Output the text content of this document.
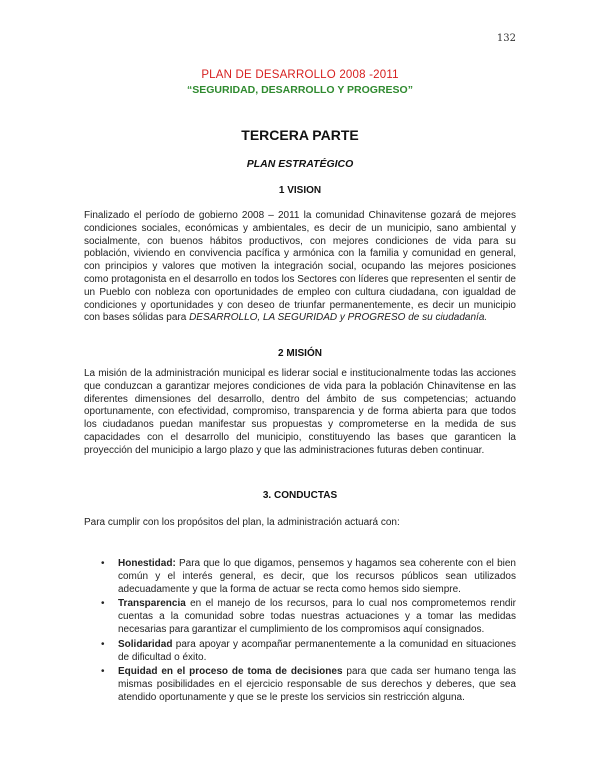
132
PLAN DE DESARROLLO 2008 -2011
“SEGURIDAD, DESARROLLO Y PROGRESO”
TERCERA PARTE
PLAN ESTRATÉGICO
1 VISION

Finalizado el período de gobierno 2008 – 2011 la comunidad Chinavitense gozará de mejores condiciones sociales, económicas y ambientales, es decir de un municipio, sano ambiental y socialmente, con buenos hábitos productivos, con mejores condiciones de vida para su población, viviendo en convivencia pacífica y armónica con la familia y comunidad en general, con principios y valores que motiven la integración social, ocupando las mejores posiciones como protagonista en el desarrollo en todos los Sectores con líderes que representen el sentir de un Pueblo con nobleza con oportunidades de empleo con cultura ciudadana, con igualdad de condiciones y oportunidades y con deseo de triunfar permanentemente, es decir un municipio con bases sólidas para DESARROLLO, LA SEGURIDAD y PROGRESO de su ciudadanía.

2 MISIÓN

La misión de la administración municipal es liderar social e institucionalmente todas las acciones que conduzcan a garantizar mejores condiciones de vida para la población Chinavitense en las diferentes dimensiones del desarrollo, dentro del ámbito de sus competencias; actuando oportunamente, con efectividad, compromiso, transparencia y de forma abierta para que todos los ciudadanos puedan manifestar sus propuestas y comprometerse en la medida de sus capacidades con el desarrollo del municipio, constituyendo las bases que garanticen la proyección del municipio a largo plazo y que las administraciones futuras deben continuar.

3. CONDUCTAS

Para cumplir con los propósitos del plan, la administración actuará con:

• Honestidad: Para que lo que digamos, pensemos y hagamos sea coherente con el bien común y el interés general, es decir, que los recursos públicos sean utilizados adecuadamente y que la forma de actuar se recta como hemos sido siempre.
• Transparencia en el manejo de los recursos, para lo cual nos comprometemos rendir cuentas a la comunidad sobre todas nuestras actuaciones y a tomar las medidas necesarias para garantizar el cumplimiento de los compromisos aquí consignados.
• Solidaridad para apoyar y acompañar permanentemente a la comunidad en situaciones de dificultad o éxito.
• Equidad en el proceso de toma de decisiones para que cada ser humano tenga las mismas posibilidades en el ejercicio responsable de sus derechos y deberes, que sea atendido oportunamente y que se le preste los servicios sin restricción alguna.
